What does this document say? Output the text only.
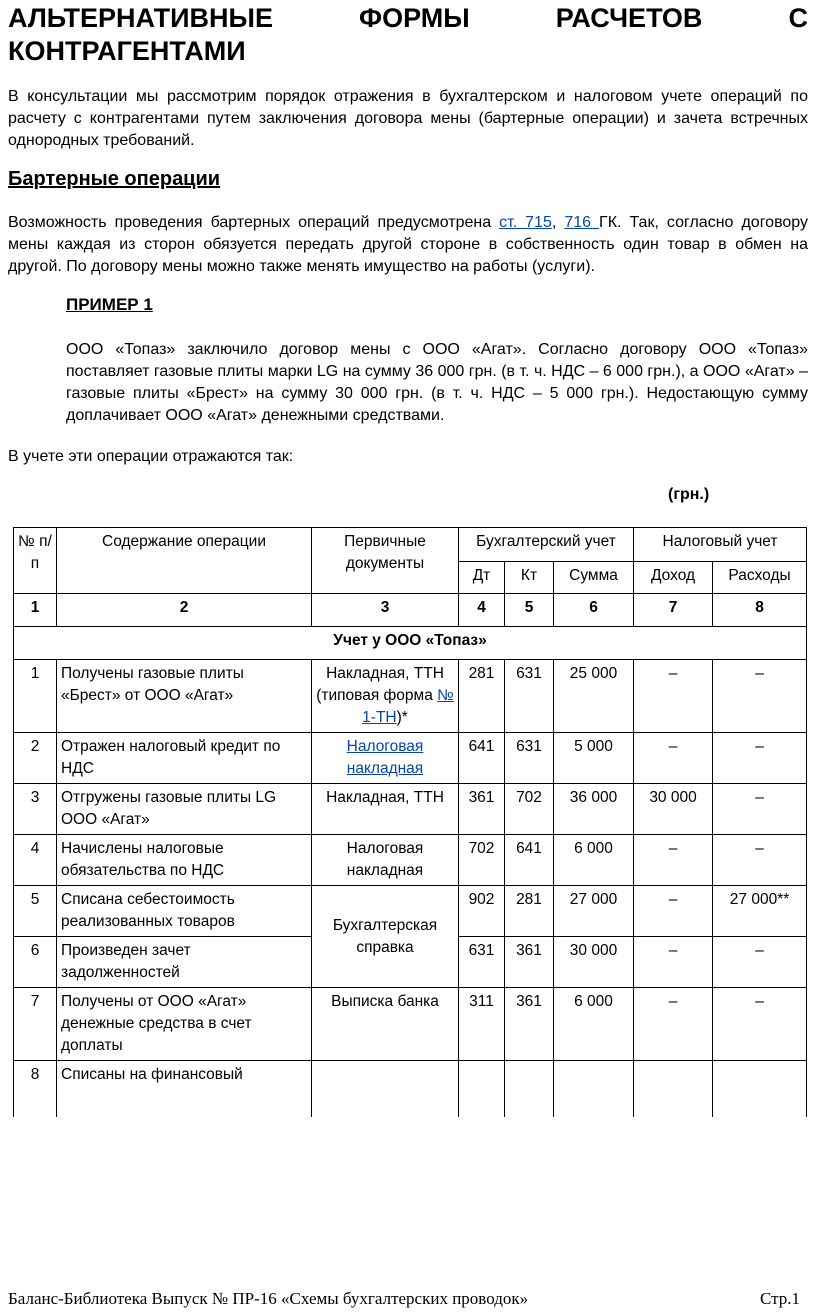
АЛЬТЕРНАТИВНЫЕ ФОРМЫ РАСЧЕТОВ С КОНТРАГЕНТАМИ

В консультации мы рассмотрим порядок отражения в бухгалтерском и налоговом учете операций по расчету с контрагентами путем заключения договора мены (бартерные операции) и зачета встречных однородных требований.

Бартерные операции

Возможность проведения бартерных операций предусмотрена ст. 715, 716 ГК. Так, согласно договору мены каждая из сторон обязуется передать другой стороне в собственность один товар в обмен на другой. По договору мены можно также менять имущество на работы (услуги).

ПРИМЕР 1

ООО «Топаз» заключило договор мены с ООО «Агат». Согласно договору ООО «Топаз» поставляет газовые плиты марки LG на сумму 36 000 грн. (в т. ч. НДС – 6 000 грн.), а ООО «Агат» – газовые плиты «Брест» на сумму 30 000 грн. (в т. ч. НДС – 5 000 грн.). Недостающую сумму доплачивает ООО «Агат» денежными средствами.

В учете эти операции отражаются так:

(грн.)

№ п/п	Содержание операции	Первичные документы	Бухгалтерский учет			Налоговый учет	
			Дт	Кт	Сумма	Доход	Расходы
1	2	3	4	5	6	7	8
Учет у ООО «Топаз»							
1	Получены газовые плиты «Брест» от ООО «Агат»	Накладная, ТТН (типовая форма № 1-ТН)*	281	631	25 000	–	–
2	Отражен налоговый кредит по НДС	Налоговая накладная	641	631	5 000	–	–
3	Отгружены газовые плиты LG ООО «Агат»	Накладная, ТТН	361	702	36 000	30 000	–
4	Начислены налоговые обязательства по НДС	Налоговая накладная	702	641	6 000	–	–
5	Списана себестоимость реализованных товаров	Бухгалтерская справка	902	281	27 000	–	27 000**
6	Произведен зачет задолженностей		631	361	30 000	–	–
7	Получены от ООО «Агат» денежные средства в счет доплаты	Выписка банка	311	361	6 000	–	–
8	Списаны на финансовый						
Баланс-Библиотека Выпуск № ПР-16 «Схемы бухгалтерских проводок»	Стр.1
